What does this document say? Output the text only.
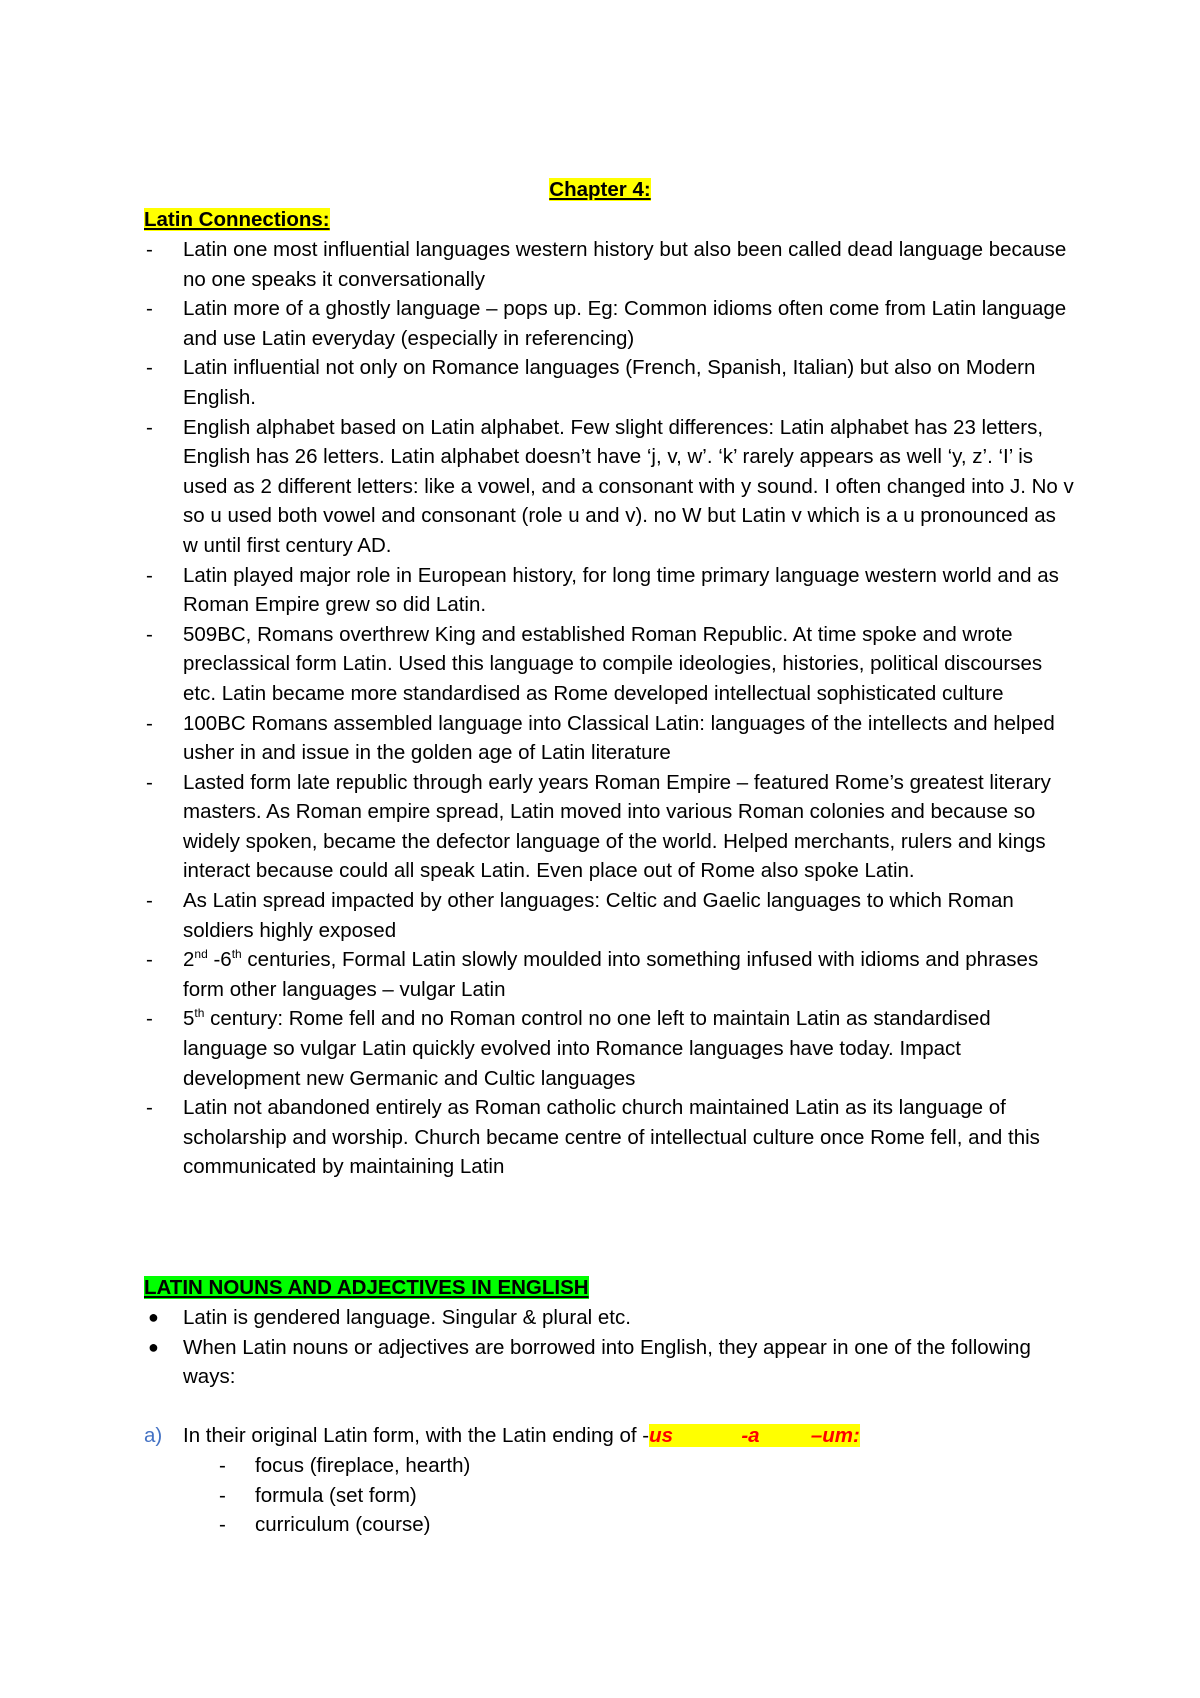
Chapter 4:
Latin Connections:
- Latin one most influential languages western history but also been called dead language because no one speaks it conversationally
- Latin more of a ghostly language – pops up. Eg: Common idioms often come from Latin language and use Latin everyday (especially in referencing)
- Latin influential not only on Romance languages (French, Spanish, Italian) but also on Modern English.
- English alphabet based on Latin alphabet. Few slight differences: Latin alphabet has 23 letters, English has 26 letters. Latin alphabet doesn’t have ‘j, v, w’. ‘k’ rarely appears as well ‘y, z’. ‘I’ is used as 2 different letters: like a vowel, and a consonant with y sound. I often changed into J. No v so u used both vowel and consonant (role u and v). no W but Latin v which is a u pronounced as w until first century AD.
- Latin played major role in European history, for long time primary language western world and as Roman Empire grew so did Latin.
- 509BC, Romans overthrew King and established Roman Republic. At time spoke and wrote preclassical form Latin. Used this language to compile ideologies, histories, political discourses etc. Latin became more standardised as Rome developed intellectual sophisticated culture
- 100BC Romans assembled language into Classical Latin: languages of the intellects and helped usher in and issue in the golden age of Latin literature
- Lasted form late republic through early years Roman Empire – featured Rome’s greatest literary masters. As Roman empire spread, Latin moved into various Roman colonies and because so widely spoken, became the defector language of the world. Helped merchants, rulers and kings interact because could all speak Latin. Even place out of Rome also spoke Latin.
- As Latin spread impacted by other languages: Celtic and Gaelic languages to which Roman soldiers highly exposed
- 2nd -6th centuries, Formal Latin slowly moulded into something infused with idioms and phrases form other languages – vulgar Latin
- 5th century: Rome fell and no Roman control no one left to maintain Latin as standardised language so vulgar Latin quickly evolved into Romance languages have today. Impact development new Germanic and Cultic languages
- Latin not abandoned entirely as Roman catholic church maintained Latin as its language of scholarship and worship. Church became centre of intellectual culture once Rome fell, and this communicated by maintaining Latin
LATIN NOUNS AND ADJECTIVES IN ENGLISH
● Latin is gendered language. Singular & plural etc.
● When Latin nouns or adjectives are borrowed into English, they appear in one of the following ways:
a) In their original Latin form, with the Latin ending of -us            -a         –um:
- focus (fireplace, hearth)
- formula (set form)
- curriculum (course)
